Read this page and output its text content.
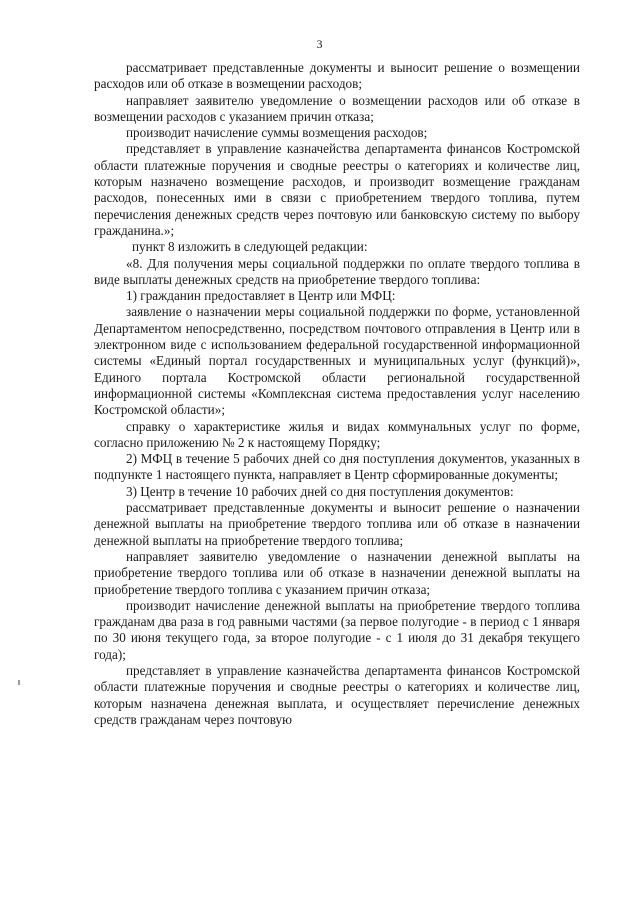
3

рассматривает представленные документы и выносит решение о возмещении расходов или об отказе в возмещении расходов;

направляет заявителю уведомление о возмещении расходов или об отказе в возмещении расходов с указанием причин отказа;

производит начисление суммы возмещения расходов;

представляет в управление казначейства департамента финансов Костромской области платежные поручения и сводные реестры о категориях и количестве лиц, которым назначено возмещение расходов, и производит возмещение гражданам расходов, понесенных ими в связи с приобретением твердого топлива, путем перечисления денежных средств через почтовую или банковскую систему по выбору гражданина.»;

пункт 8 изложить в следующей редакции:

«8. Для получения меры социальной поддержки по оплате твердого топлива в виде выплаты денежных средств на приобретение твердого топлива:

1) гражданин предоставляет в Центр или МФЦ:

заявление о назначении меры социальной поддержки по форме, установленной Департаментом непосредственно, посредством почтового отправления в Центр или в электронном виде с использованием федеральной государственной информационной системы «Единый портал государственных и муниципальных услуг (функций)», Единого портала Костромской области региональной государственной информационной системы «Комплексная система предоставления услуг населению Костромской области»;

справку о характеристике жилья и видах коммунальных услуг по форме, согласно приложению № 2 к настоящему Порядку;

2) МФЦ в течение 5 рабочих дней со дня поступления документов, указанных в подпункте 1 настоящего пункта, направляет в Центр сформированные документы;

3) Центр в течение 10 рабочих дней со дня поступления документов:

рассматривает представленные документы и выносит решение о назначении денежной выплаты на приобретение твердого топлива или об отказе в назначении денежной выплаты на приобретение твердого топлива;

направляет заявителю уведомление о назначении денежной выплаты на приобретение твердого топлива или об отказе в назначении денежной выплаты на приобретение твердого топлива с указанием причин отказа;

производит начисление денежной выплаты на приобретение твердого топлива гражданам два раза в год равными частями (за первое полугодие - в период с 1 января по 30 июня текущего года, за второе полугодие - с 1 июля до 31 декабря текущего года);

представляет в управление казначейства департамента финансов Костромской области платежные поручения и сводные реестры о категориях и количестве лиц, которым назначена денежная выплата, и осуществляет перечисление денежных средств гражданам через почтовую
